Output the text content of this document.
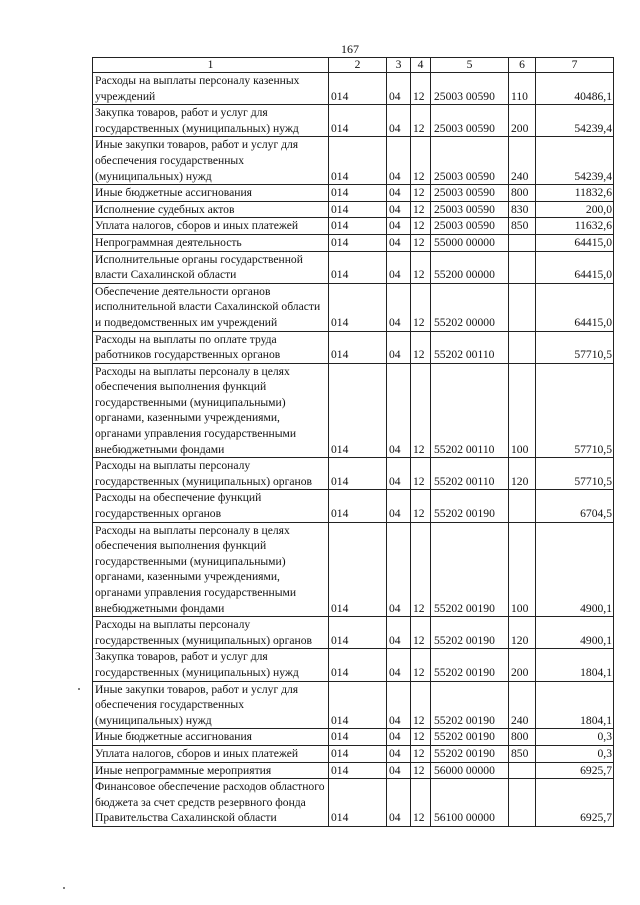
167
1	2	3	4	5	6	7
Расходы на выплаты персоналу казенных учреждений	014	04	12	25003 00590	110	40486,1
Закупка товаров, работ и услуг для государственных (муниципальных) нужд	014	04	12	25003 00590	200	54239,4
Иные закупки товаров, работ и услуг для обеспечения государственных (муниципальных) нужд	014	04	12	25003 00590	240	54239,4
Иные бюджетные ассигнования	014	04	12	25003 00590	800	11832,6
Исполнение судебных актов	014	04	12	25003 00590	830	200,0
Уплата налогов, сборов и иных платежей	014	04	12	25003 00590	850	11632,6
Непрограммная деятельность	014	04	12	55000 00000		64415,0
Исполнительные органы государственной власти Сахалинской области	014	04	12	55200 00000		64415,0
Обеспечение деятельности органов исполнительной власти Сахалинской области и подведомственных им учреждений	014	04	12	55202 00000		64415,0
Расходы на выплаты по оплате труда работников государственных органов	014	04	12	55202 00110		57710,5
Расходы на выплаты персоналу в целях обеспечения выполнения функций государственными (муниципальными) органами, казенными учреждениями, органами управления государственными внебюджетными фондами	014	04	12	55202 00110	100	57710,5
Расходы на выплаты персоналу государственных (муниципальных) органов	014	04	12	55202 00110	120	57710,5
Расходы на обеспечение функций государственных органов	014	04	12	55202 00190		6704,5
Расходы на выплаты персоналу в целях обеспечения выполнения функций государственными (муниципальными) органами, казенными учреждениями, органами управления государственными внебюджетными фондами	014	04	12	55202 00190	100	4900,1
Расходы на выплаты персоналу государственных (муниципальных) органов	014	04	12	55202 00190	120	4900,1
Закупка товаров, работ и услуг для государственных (муниципальных) нужд	014	04	12	55202 00190	200	1804,1
Иные закупки товаров, работ и услуг для обеспечения государственных (муниципальных) нужд	014	04	12	55202 00190	240	1804,1
Иные бюджетные ассигнования	014	04	12	55202 00190	800	0,3
Уплата налогов, сборов и иных платежей	014	04	12	55202 00190	850	0,3
Иные непрограммные мероприятия	014	04	12	56000 00000		6925,7
Финансовое обеспечение расходов областного бюджета за счет средств резервного фонда Правительства Сахалинской области	014	04	12	56100 00000		6925,7
